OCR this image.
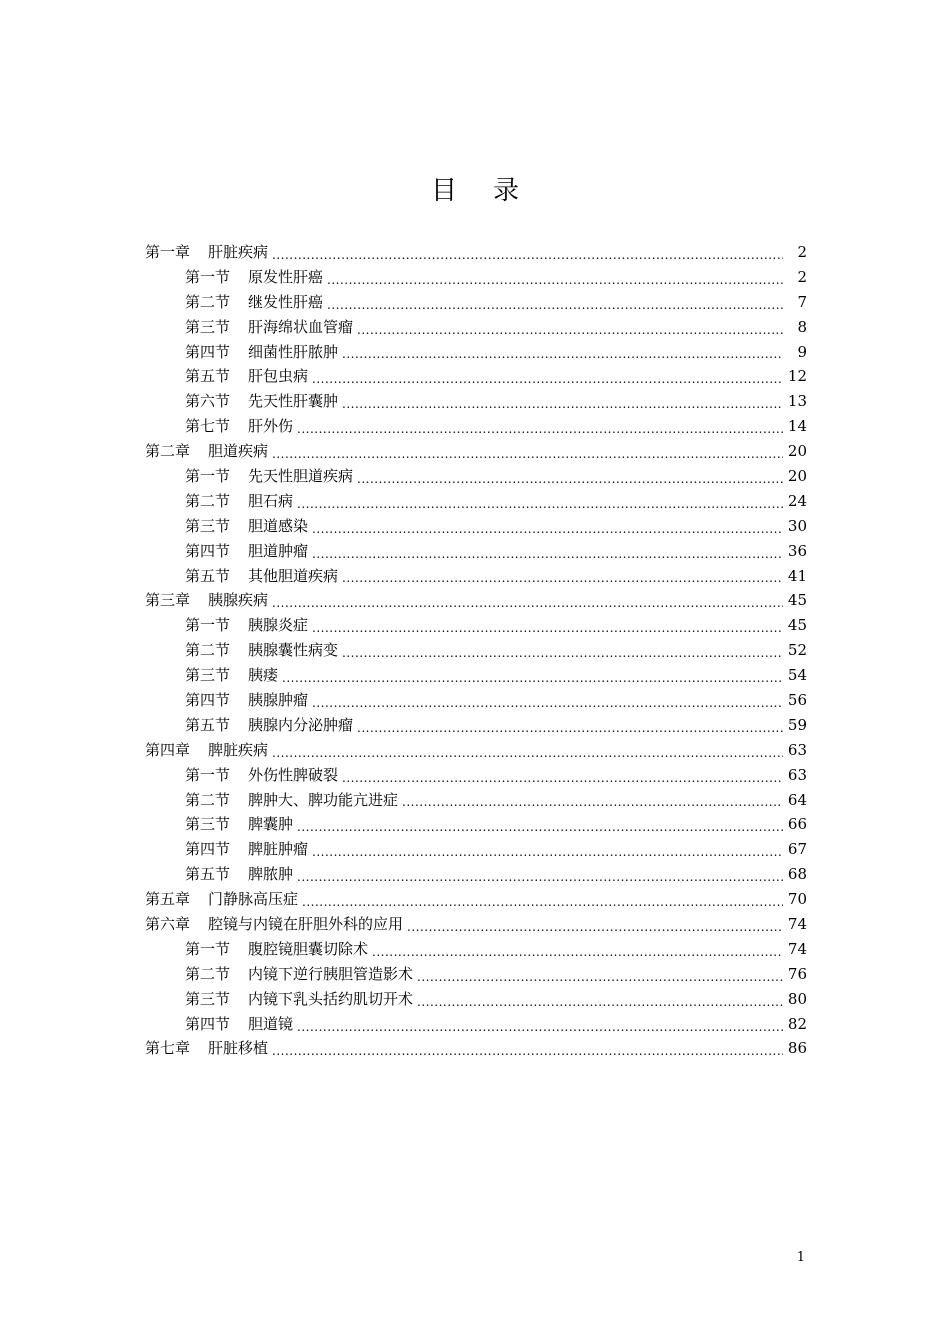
目 录
第一章 肝脏疾病 .....	2
第一节 原发性肝癌 .....	2
第二节 继发性肝癌 .....	7
第三节 肝海绵状血管瘤 .....	8
第四节 细菌性肝脓肿 .....	9
第五节 肝包虫病 .....	12
第六节 先天性肝囊肿 .....	13
第七节 肝外伤 .....	14
第二章 胆道疾病 .....	20
第一节 先天性胆道疾病 .....	20
第二节 胆石病 .....	24
第三节 胆道感染 .....	30
第四节 胆道肿瘤 .....	36
第五节 其他胆道疾病 .....	41
第三章 胰腺疾病 .....	45
第一节 胰腺炎症 .....	45
第二节 胰腺囊性病变 .....	52
第三节 胰瘘 .....	54
第四节 胰腺肿瘤 .....	56
第五节 胰腺内分泌肿瘤 .....	59
第四章 脾脏疾病 .....	63
第一节 外伤性脾破裂 .....	63
第二节 脾肿大、脾功能亢进症 .....	64
第三节 脾囊肿 .....	66
第四节 脾脏肿瘤 .....	67
第五节 脾脓肿 .....	68
第五章 门静脉高压症 .....	70
第六章 腔镜与内镜在肝胆外科的应用 .....	74
第一节 腹腔镜胆囊切除术 .....	74
第二节 内镜下逆行胰胆管造影术 .....	76
第三节 内镜下乳头括约肌切开术 .....	80
第四节 胆道镜 .....	82
第七章 肝脏移植 .....	86
1
